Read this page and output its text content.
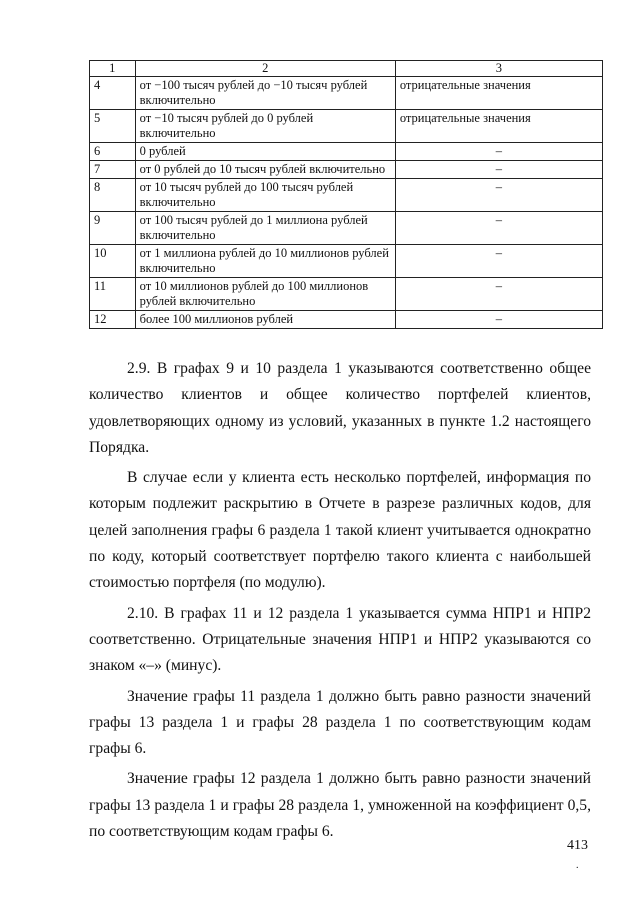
1	2	3
4	от −100 тысяч рублей до −10 тысяч рублей включительно	отрицательные значения
5	от −10 тысяч рублей до 0 рублей включительно	отрицательные значения
6	0 рублей	–
7	от 0 рублей до 10 тысяч рублей включительно	–
8	от 10 тысяч рублей до 100 тысяч рублей включительно	–
9	от 100 тысяч рублей до 1 миллиона рублей включительно	–
10	от 1 миллиона рублей до 10 миллионов рублей включительно	–
11	от 10 миллионов рублей до 100 миллионов рублей включительно	–
12	более 100 миллионов рублей	–

2.9. В графах 9 и 10 раздела 1 указываются соответственно общее количество клиентов и общее количество портфелей клиентов, удовлетворяющих одному из условий, указанных в пункте 1.2 настоящего Порядка.

В случае если у клиента есть несколько портфелей, информация по которым подлежит раскрытию в Отчете в разрезе различных кодов, для целей заполнения графы 6 раздела 1 такой клиент учитывается однократно по коду, который соответствует портфелю такого клиента с наибольшей стоимостью портфеля (по модулю).

2.10. В графах 11 и 12 раздела 1 указывается сумма НПР1 и НПР2 соответственно. Отрицательные значения НПР1 и НПР2 указываются со знаком «–» (минус).

Значение графы 11 раздела 1 должно быть равно разности значений графы 13 раздела 1 и графы 28 раздела 1 по соответствующим кодам графы 6.

Значение графы 12 раздела 1 должно быть равно разности значений графы 13 раздела 1 и графы 28 раздела 1, умноженной на коэффициент 0,5, по соответствующим кодам графы 6.

413
.
